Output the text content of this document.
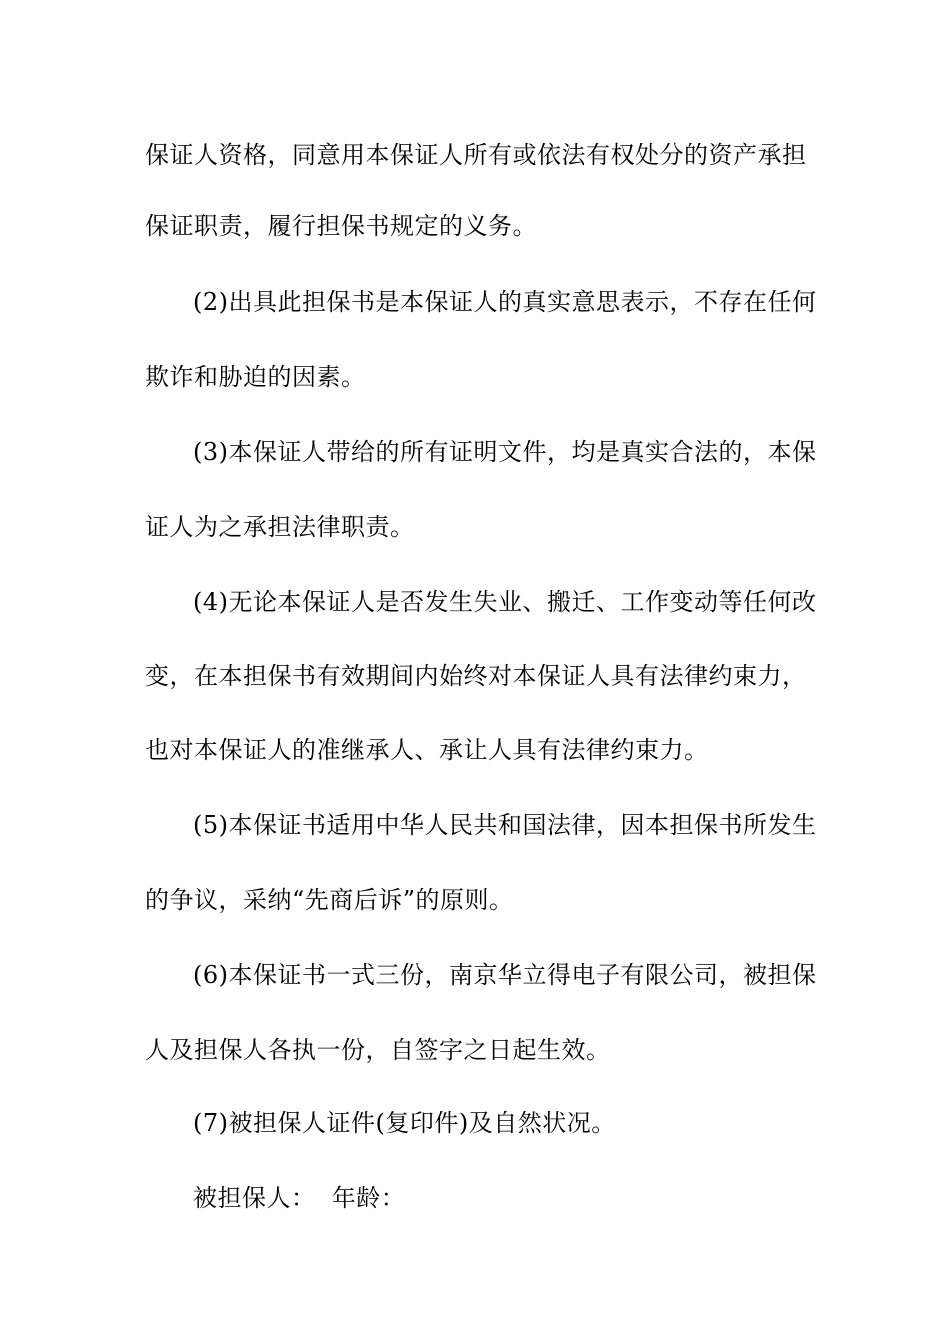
保证人资格，同意用本保证人所有或依法有权处分的资产承担
保证职责，履行担保书规定的义务。
(2)出具此担保书是本保证人的真实意思表示，不存在任何
欺诈和胁迫的因素。
(3)本保证人带给的所有证明文件，均是真实合法的，本保
证人为之承担法律职责。
(4)无论本保证人是否发生失业、搬迁、工作变动等任何改
变，在本担保书有效期间内始终对本保证人具有法律约束力，
也对本保证人的准继承人、承让人具有法律约束力。
(5)本保证书适用中华人民共和国法律，因本担保书所发生
的争议，采纳“先商后诉”的原则。
(6)本保证书一式三份，南京华立得电子有限公司，被担保
人及担保人各执一份，自签字之日起生效。
(7)被担保人证件(复印件)及自然状况。
被担保人：  年龄：
